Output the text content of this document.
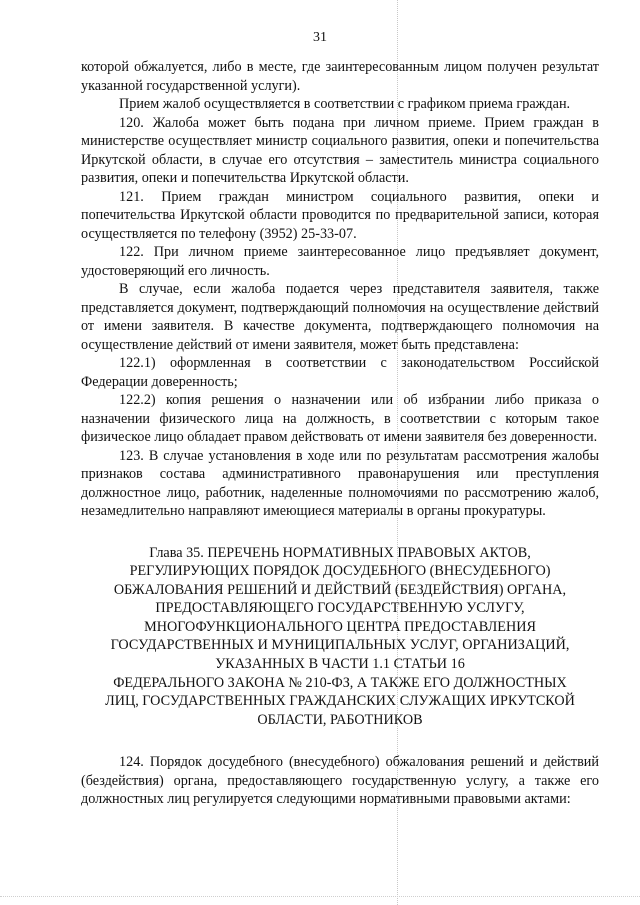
31

которой обжалуется, либо в месте, где заинтересованным лицом получен результат указанной государственной услуги).

Прием жалоб осуществляется в соответствии с графиком приема граждан.

120. Жалоба может быть подана при личном приеме. Прием граждан в министерстве осуществляет министр социального развития, опеки и попечительства Иркутской области, в случае его отсутствия – заместитель министра социального развития, опеки и попечительства Иркутской области.

121. Прием граждан министром социального развития, опеки и попечительства Иркутской области проводится по предварительной записи, которая осуществляется по телефону (3952) 25-33-07.

122. При личном приеме заинтересованное лицо предъявляет документ, удостоверяющий его личность.

В случае, если жалоба подается через представителя заявителя, также представляется документ, подтверждающий полномочия на осуществление действий от имени заявителя. В качестве документа, подтверждающего полномочия на осуществление действий от имени заявителя, может быть представлена:

122.1) оформленная в соответствии с законодательством Российской Федерации доверенность;

122.2) копия решения о назначении или об избрании либо приказа о назначении физического лица на должность, в соответствии с которым такое физическое лицо обладает правом действовать от имени заявителя без доверенности.

123. В случае установления в ходе или по результатам рассмотрения жалобы признаков состава административного правонарушения или преступления должностное лицо, работник, наделенные полномочиями по рассмотрению жалоб, незамедлительно направляют имеющиеся материалы в органы прокуратуры.

Глава 35. ПЕРЕЧЕНЬ НОРМАТИВНЫХ ПРАВОВЫХ АКТОВ,
РЕГУЛИРУЮЩИХ ПОРЯДОК ДОСУДЕБНОГО (ВНЕСУДЕБНОГО)
ОБЖАЛОВАНИЯ РЕШЕНИЙ И ДЕЙСТВИЙ (БЕЗДЕЙСТВИЯ) ОРГАНА,
ПРЕДОСТАВЛЯЮЩЕГО ГОСУДАРСТВЕННУЮ УСЛУГУ,
МНОГОФУНКЦИОНАЛЬНОГО ЦЕНТРА ПРЕДОСТАВЛЕНИЯ
ГОСУДАРСТВЕННЫХ И МУНИЦИПАЛЬНЫХ УСЛУГ, ОРГАНИЗАЦИЙ,
УКАЗАННЫХ В ЧАСТИ 1.1 СТАТЬИ 16
ФЕДЕРАЛЬНОГО ЗАКОНА № 210-ФЗ, А ТАКЖЕ ЕГО ДОЛЖНОСТНЫХ
ЛИЦ, ГОСУДАРСТВЕННЫХ ГРАЖДАНСКИХ СЛУЖАЩИХ ИРКУТСКОЙ
ОБЛАСТИ, РАБОТНИКОВ

124. Порядок досудебного (внесудебного) обжалования решений и действий (бездействия) органа, предоставляющего государственную услугу, а также его должностных лиц регулируется следующими нормативными правовыми актами:
